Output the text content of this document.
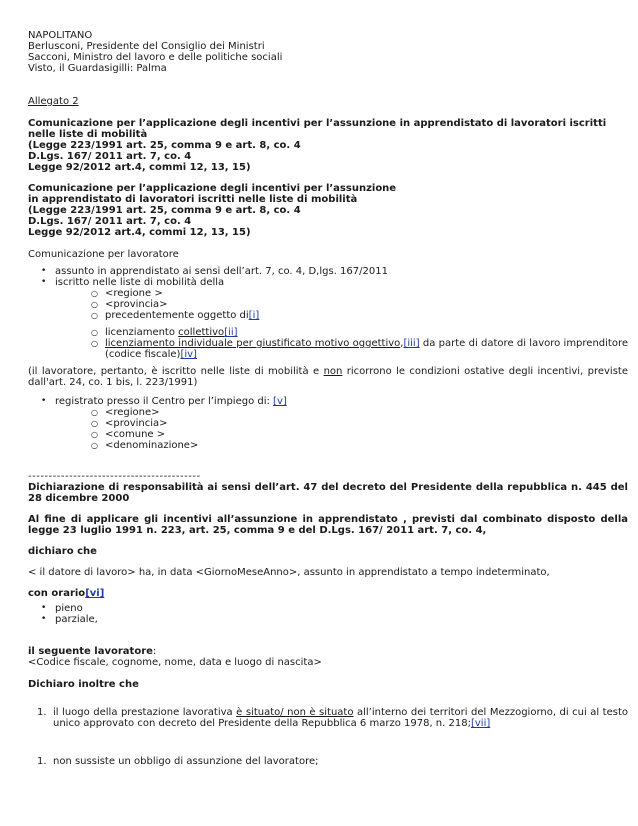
NAPOLITANO

Berlusconi, Presidente del Consiglio dei Ministri

Sacconi, Ministro del lavoro e delle politiche sociali

Visto, il Guardasigilli: Palma

Allegato 2

Comunicazione per l’applicazione degli incentivi per l’assunzione in apprendistato di lavoratori iscritti nelle liste di mobilità

(Legge 223/1991 art. 25, comma 9 e art. 8, co. 4

D.Lgs. 167/ 2011 art. 7, co. 4

Legge 92/2012 art.4, commi 12, 13, 15)

Comunicazione per l’applicazione degli incentivi per l’assunzione

in apprendistato di lavoratori iscritti nelle liste di mobilità

(Legge 223/1991 art. 25, comma 9 e art. 8, co. 4

D.Lgs. 167/ 2011 art. 7, co. 4

Legge 92/2012 art.4, commi 12, 13, 15)

Comunicazione per lavoratore

• assunto in apprendistato ai sensi dell’art. 7, co. 4, D,lgs. 167/2011
• iscritto nelle liste di mobilità della
○ <regione >
○ <provincia>
○ precedentemente oggetto di[i]
○ licenziamento collettivo[ii]
○ licenziamento individuale per giustificato motivo oggettivo,[iii] da parte di datore di lavoro imprenditore (codice fiscale)[iv]

(il lavoratore, pertanto, è iscritto nelle liste di mobilità e non ricorrono le condizioni ostative degli incentivi, previste dall'art. 24, co. 1 bis, l. 223/1991)

• registrato presso il Centro per l’impiego di: [v]
○ <regione>
○ <provincia>
○ <comune >
○ <denominazione>

------------------------------------------

Dichiarazione di responsabilità ai sensi dell’art. 47 del decreto del Presidente della repubblica n. 445 del 28 dicembre 2000

Al fine di applicare gli incentivi all’assunzione in apprendistato , previsti dal combinato disposto della legge 23 luglio 1991 n. 223, art. 25, comma 9 e del D.Lgs. 167/ 2011 art. 7, co. 4,

dichiaro che

< il datore di lavoro> ha, in data <GiornoMeseAnno>, assunto in apprendistato a tempo indeterminato,

con orario[vi]

• pieno
• parziale,

il seguente lavoratore:

<Codice fiscale, cognome, nome, data e luogo di nascita>

Dichiaro inoltre che

1. il luogo della prestazione lavorativa è situato/ non è situato all’interno dei territori del Mezzogiorno, di cui al testo unico approvato con decreto del Presidente della Repubblica 6 marzo 1978, n. 218;[vii]
1. non sussiste un obbligo di assunzione del lavoratore;
